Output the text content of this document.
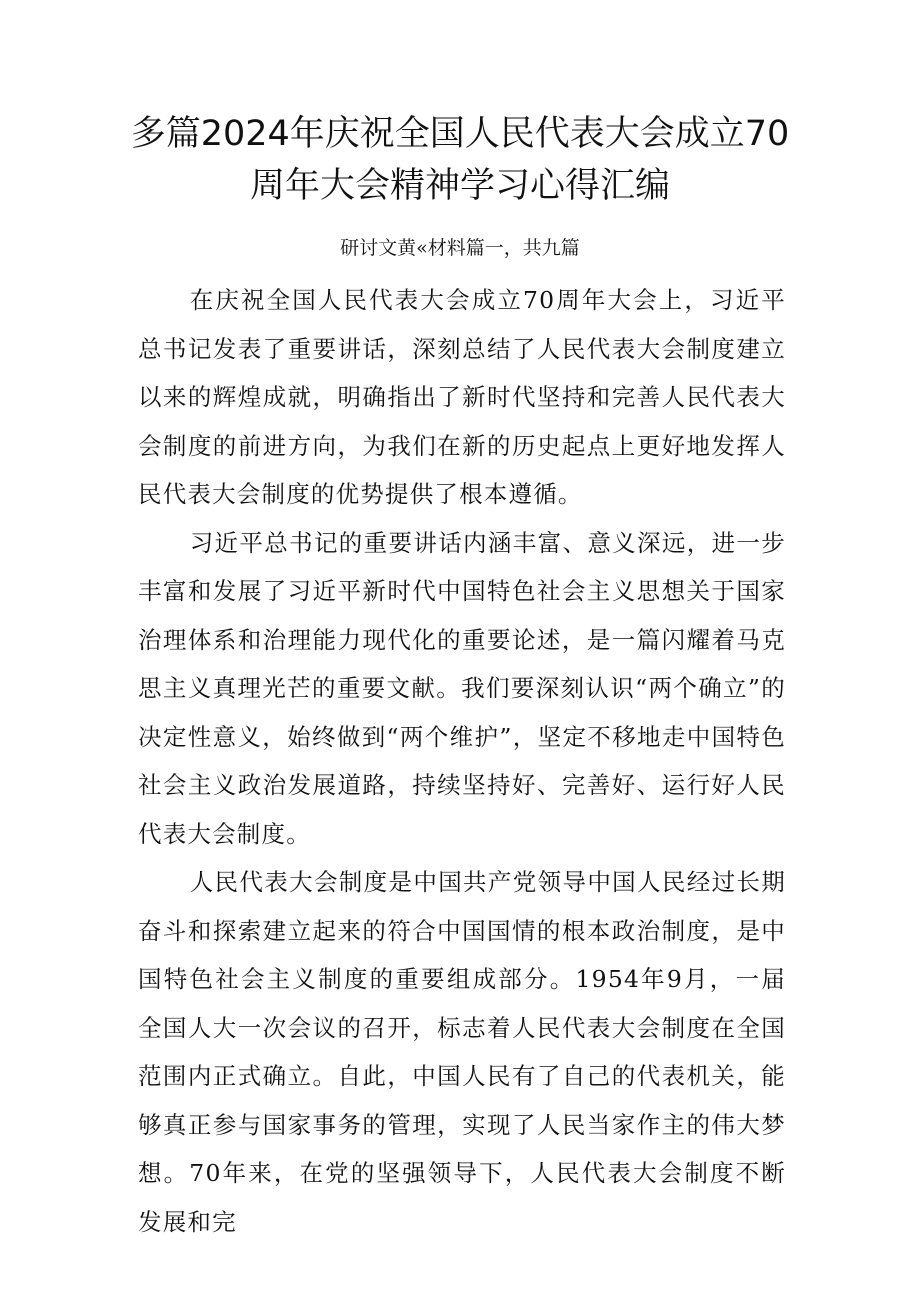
多篇2024年庆祝全国人民代表大会成立70
周年大会精神学习心得汇编

研讨文黄«材料篇一，共九篇

在庆祝全国人民代表大会成立70周年大会上，习近平总书记发表了重要讲话，深刻总结了人民代表大会制度建立以来的辉煌成就，明确指出了新时代坚持和完善人民代表大会制度的前进方向，为我们在新的历史起点上更好地发挥人民代表大会制度的优势提供了根本遵循。

习近平总书记的重要讲话内涵丰富、意义深远，进一步丰富和发展了习近平新时代中国特色社会主义思想关于国家治理体系和治理能力现代化的重要论述，是一篇闪耀着马克思主义真理光芒的重要文献。我们要深刻认识“两个确立”的决定性意义，始终做到“两个维护”，坚定不移地走中国特色社会主义政治发展道路，持续坚持好、完善好、运行好人民代表大会制度。

人民代表大会制度是中国共产党领导中国人民经过长期奋斗和探索建立起来的符合中国国情的根本政治制度，是中国特色社会主义制度的重要组成部分。1954年9月，一届全国人大一次会议的召开，标志着人民代表大会制度在全国范围内正式确立。自此，中国人民有了自己的代表机关，能够真正参与国家事务的管理，实现了人民当家作主的伟大梦想。70年来，在党的坚强领导下，人民代表大会制度不断发展和完
